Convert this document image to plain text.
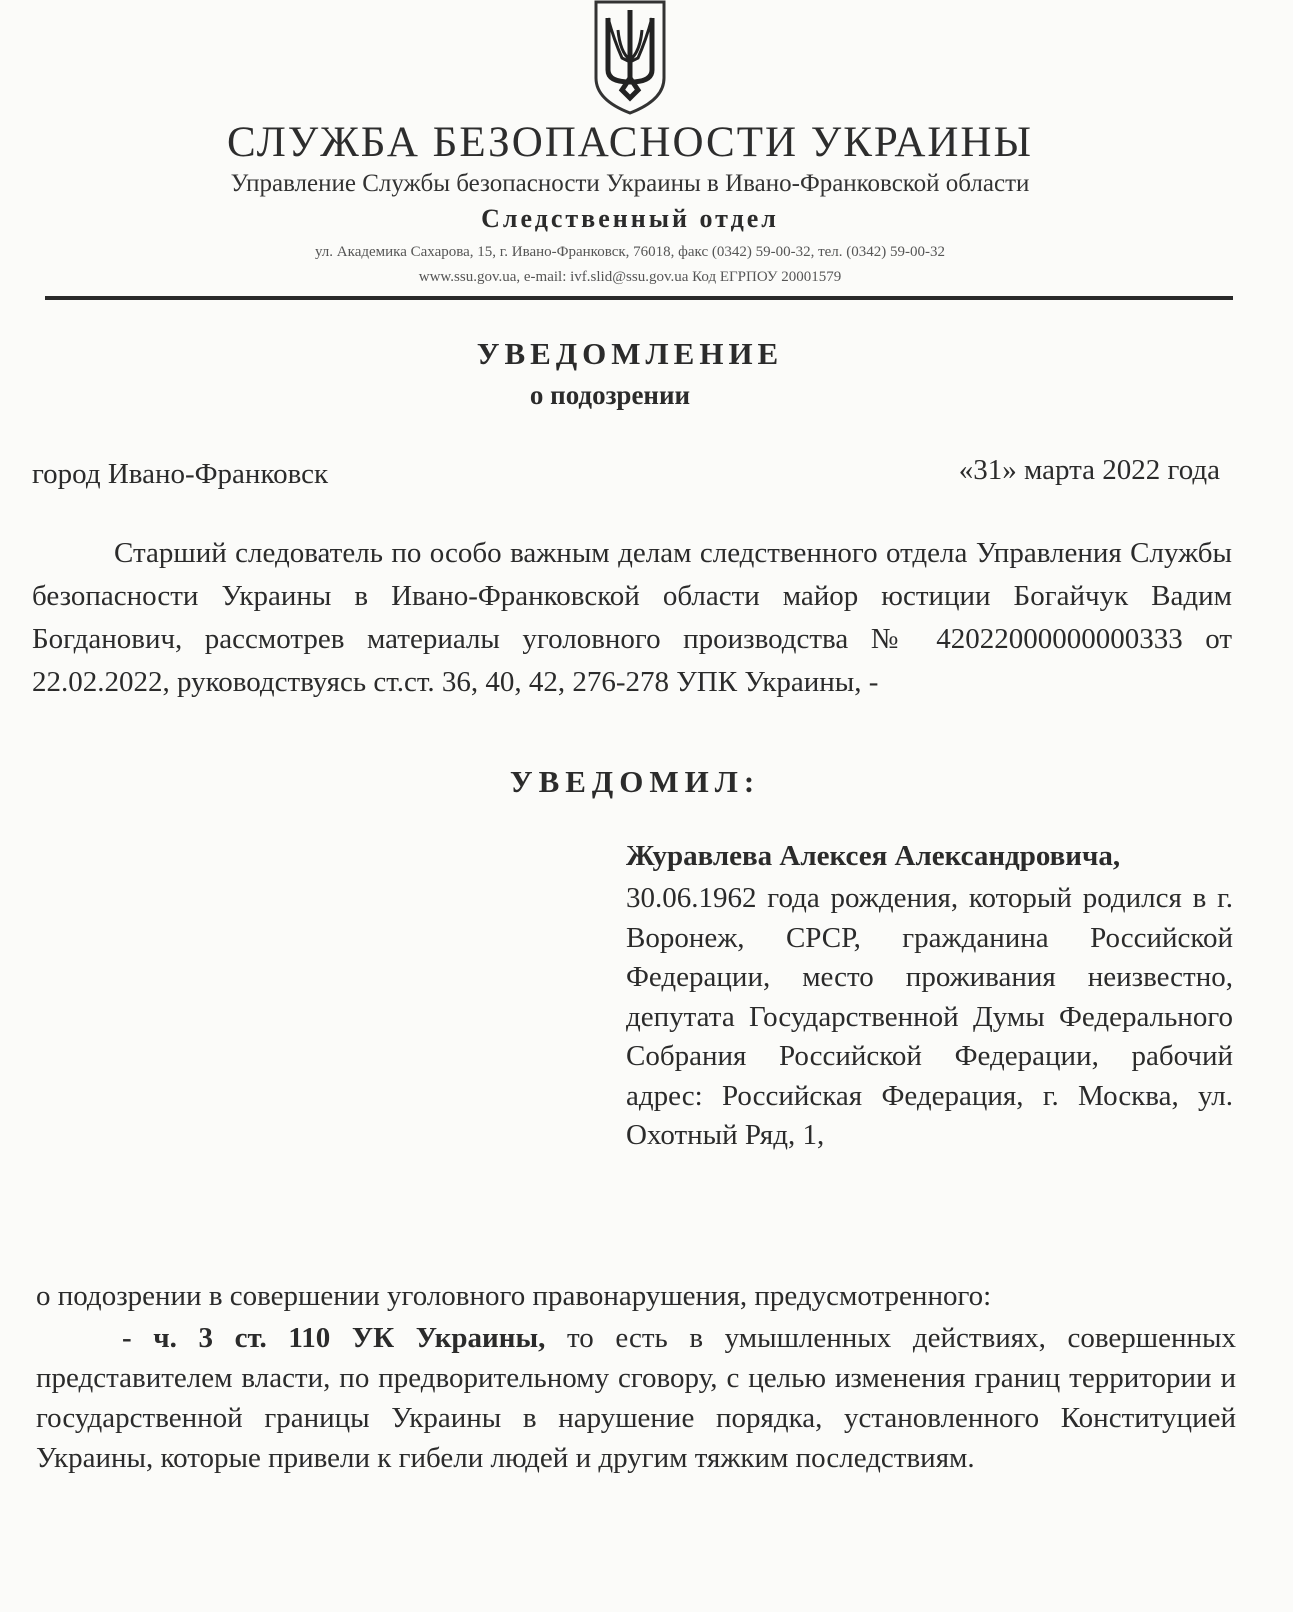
СЛУЖБА БЕЗОПАСНОСТИ УКРАИНЫ
Управление Службы безопасности Украины в Ивано-Франковской области
Следственный отдел
ул. Академика Сахарова, 15, г. Ивано-Франковск, 76018, факс (0342) 59-00-32, тел. (0342) 59-00-32
www.ssu.gov.ua, e-mail: ivf.slid@ssu.gov.ua Код ЕГРПОУ 20001579
УВЕДОМЛЕНИЕ
о подозрении
город Ивано-Франковск	«31» марта 2022 года
Старший следователь по особо важным делам следственного отдела Управления Службы безопасности Украины в Ивано-Франковской области майор юстиции Богайчук Вадим Богданович, рассмотрев материалы уголовного производства № 42022000000000333 от 22.02.2022, руководствуясь ст.ст. 36, 40, 42, 276-278 УПК Украины, -
УВЕДОМИЛ:
Журавлева Алексея Александровича,
30.06.1962 года рождения, который родился в г. Воронеж, СРСР, гражданина Российской Федерации, место проживания неизвестно, депутата Государственной Думы Федерального Собрания Российской Федерации, рабочий адрес: Российская Федерация, г. Москва, ул. Охотный Ряд, 1,
о подозрении в совершении уголовного правонарушения, предусмотренного:
- ч. 3 ст. 110 УК Украины, то есть в умышленных действиях, совершенных представителем власти, по предворительному сговору, с целью изменения границ территории и государственной границы Украины в нарушение порядка, установленного Конституцией Украины, которые привели к гибели людей и другим тяжким последствиям.
